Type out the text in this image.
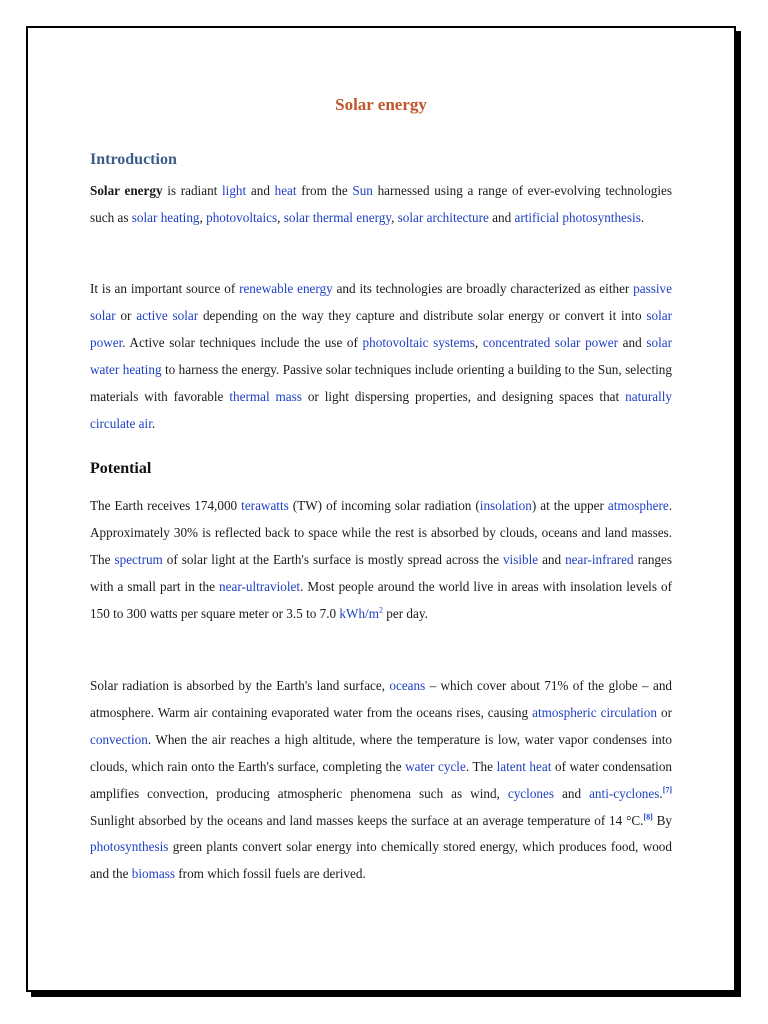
Solar energy
Introduction

Solar energy is radiant light and heat from the Sun harnessed using a range of ever-evolving technologies such as solar heating, photovoltaics, solar thermal energy, solar architecture and artificial photosynthesis.

It is an important source of renewable energy and its technologies are broadly characterized as either passive solar or active solar depending on the way they capture and distribute solar energy or convert it into solar power. Active solar techniques include the use of photovoltaic systems, concentrated solar power and solar water heating to harness the energy. Passive solar techniques include orienting a building to the Sun, selecting materials with favorable thermal mass or light dispersing properties, and designing spaces that naturally circulate air.

Potential

The Earth receives 174,000 terawatts (TW) of incoming solar radiation (insolation) at the upper atmosphere. Approximately 30% is reflected back to space while the rest is absorbed by clouds, oceans and land masses. The spectrum of solar light at the Earth's surface is mostly spread across the visible and near-infrared ranges with a small part in the near-ultraviolet. Most people around the world live in areas with insolation levels of 150 to 300 watts per square meter or 3.5 to 7.0 kWh/$m^2$ per day.

Solar radiation is absorbed by the Earth's land surface, oceans – which cover about 71% of the globe – and atmosphere. Warm air containing evaporated water from the oceans rises, causing atmospheric circulation or convection. When the air reaches a high altitude, where the temperature is low, water vapor condenses into clouds, which rain onto the Earth's surface, completing the water cycle. The latent heat of water condensation amplifies convection, producing atmospheric phenomena such as wind, cyclones and anti-cyclones.[7] Sunlight absorbed by the oceans and land masses keeps the surface at an average temperature of 14 °C.[8] By photosynthesis green plants convert solar energy into chemically stored energy, which produces food, wood and the biomass from which fossil fuels are derived.
